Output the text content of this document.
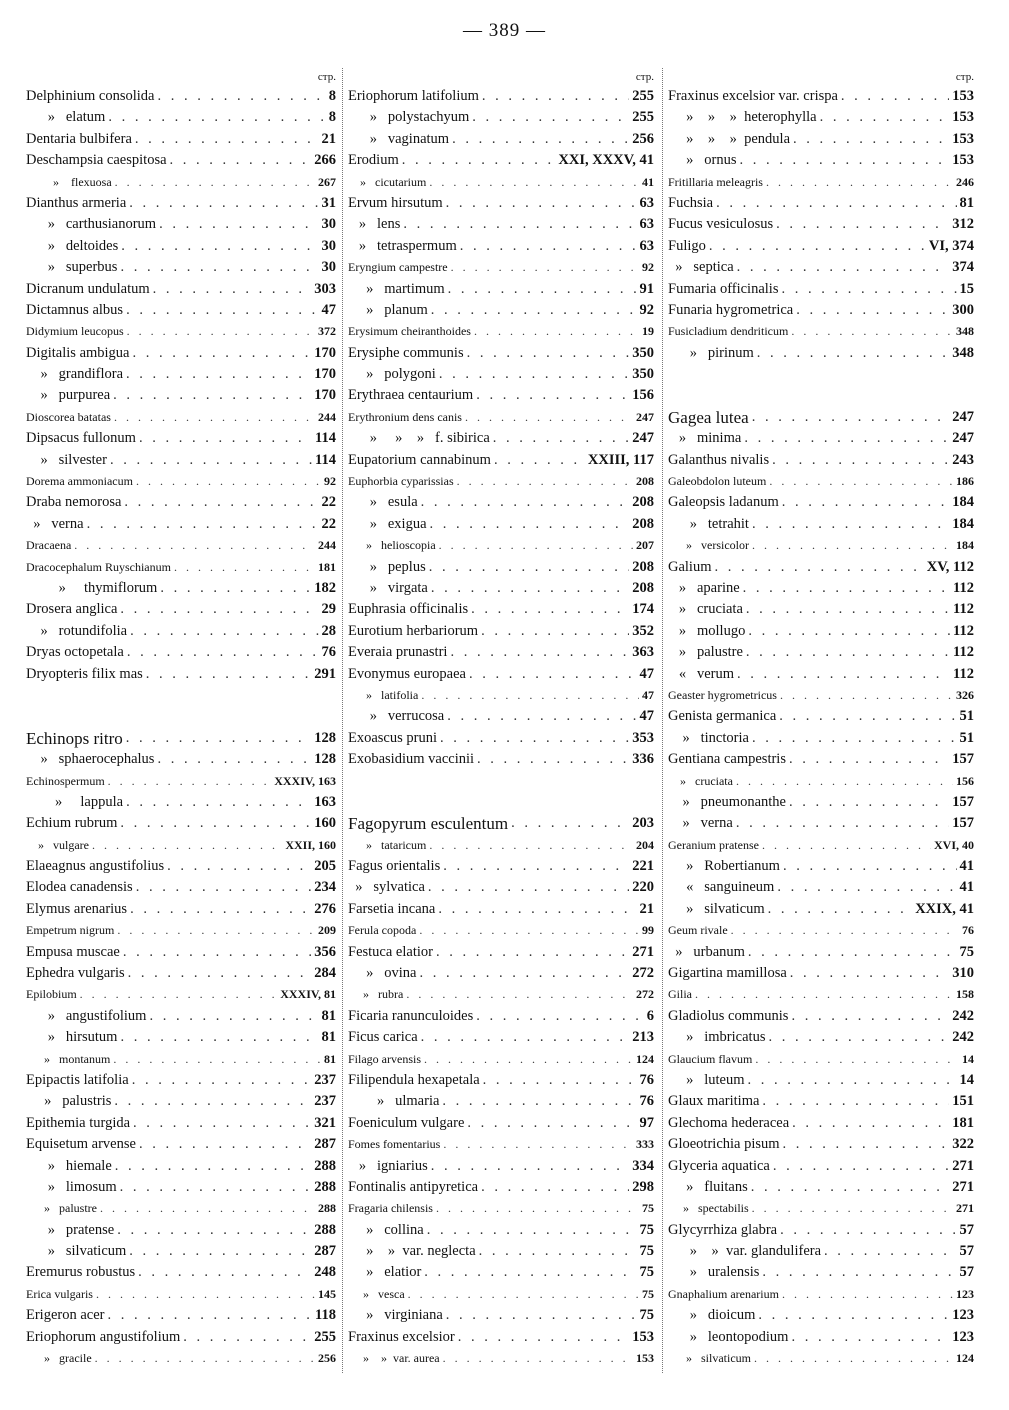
— 389 —
стр.
Delphinium consolida . . .	8
»   elatum . . .	8
Dentaria bulbifera . . .	21
Deschampsia caespitosa . . .	266
»    flexuosa . . .	267
Dianthus armeria . . .	31
»   carthusianorum . . .	30
»   deltoides . . .	30
»   superbus . . .	30
Dicranum undulatum . . .	303
Dictamnus albus . . .	47
Didymium leucopus . . .	372
Digitalis ambigua . . .	170
»   grandiflora . . .	170
»   purpurea . . .	170
Dioscorea batatas . . .	244
Dipsacus fullonum . . .	114
»   silvester . . .	114
Dorema ammoniacum . . .	92
Draba nemorosa . . .	22
»   verna . . .	22
Dracaena . . .	244
Dracocephalum Ruyschianum . . .	181
»     thymiflorum . . .	182
Drosera anglica . . .	29
»   rotundifolia . . .	28
Dryas octopetala . . .	76
Dryopteris filix mas . . .	291
Echinops ritro . . .	128
»   sphaerocephalus . . .	128
Echinospermum . . .	XXXIV, 163
»     lappula . . .	163
Echium rubrum . . .	160
»   vulgare . . .	XXII, 160
Elaeagnus angustifolius . . .	205
Elodea canadensis . . .	234
Elymus arenarius . . .	276
Empetrum nigrum . . .	209
Empusa muscae . . .	356
Ephedra vulgaris . . .	284
Epilobium . . .	XXXIV, 81
»   angustifolium . . .	81
»   hirsutum . . .	81
»   montanum . . .	81
Epipactis latifolia . . .	237
»   palustris . . .	237
Epithemia turgida . . .	321
Equisetum arvense . . .	287
»   hiemale . . .	288
»   limosum . . .	288
»   palustre . . .	288
»   pratense . . .	288
»   silvaticum . . .	287
Eremurus robustus . . .	248
Erica vulgaris . . .	145
Erigeron acer . . .	118
Eriophorum angustifolium . . .	255
»   gracile . . .	256
стр.
Eriophorum latifolium . . .	255
»   polystachyum . . .	255
»   vaginatum . . .	256
Erodium . . .	XXI, XXXV, 41
»   cicutarium . . .	41
Ervum hirsutum . . .	63
»   lens . . .	63
»   tetraspermum . . .	63
Eryngium campestre . . .	92
»   martimum . . .	91
»   planum . . .	92
Erysimum cheiranthoides . . .	19
Erysiphe communis . . .	350
»   polygoni . . .	350
Erythraea centaurium . . .	156
Erythronium dens canis . . .	247
»     »    »   f. sibirica . . .	247
Eupatorium cannabinum . . .	XXIII, 117
Euphorbia cyparissias . . .	208
»   esula . . .	208
»   exigua . . .	208
»   helioscopia . . .	207
»   peplus . . .	208
»   virgata . . .	208
Euphrasia officinalis . . .	174
Eurotium herbariorum . . .	352
Everaia prunastri . . .	363
Evonymus europaea . . .	47
»   latifolia . . .	47
»   verrucosa . . .	47
Exoascus pruni . . .	353
Exobasidium vaccinii . . .	336
Fagopyrum esculentum . . .	203
»   tataricum . . .	204
Fagus orientalis . . .	221
»   sylvatica . . .	220
Farsetia incana . . .	21
Ferula copoda . . .	99
Festuca elatior . . .	271
»   ovina . . .	272
»   rubra . . .	272
Ficaria ranunculoides . . .	6
Ficus carica . . .	213
Filago arvensis . . .	124
Filipendula hexapetala . . .	76
»   ulmaria . . .	76
Foeniculum vulgare . . .	97
Fomes fomentarius . . .	333
»   igniarius . . .	334
Fontinalis antipyretica . . .	298
Fragaria chilensis . . .	75
»   collina . . .	75
»    »  var. neglecta . . .	75
»   elatior . . .	75
»   vesca . . .	75
»   virginiana . . .	75
Fraxinus excelsior . . .	153
»    »  var. aurea . . .	153
стр.
Fraxinus excelsior var. crispa . . .	153
»    »    »  heterophylla . . .	153
»    »    »  pendula . . .	153
»   ornus . . .	153
Fritillaria meleagris . . .	246
Fuchsia . . .	81
Fucus vesiculosus . . .	312
Fuligo . . .	VI, 374
»   septica . . .	374
Fumaria officinalis . . .	15
Funaria hygrometrica . . .	300
Fusicladium dendriticum . . .	348
»   pirinum . . .	348
Gagea lutea . . .	247
»   minima . . .	247
Galanthus nivalis . . .	243
Galeobdolon luteum . . .	186
Galeopsis ladanum . . .	184
»   tetrahit . . .	184
»   versicolor . . .	184
Galium . . .	XV, 112
»   aparine . . .	112
»   cruciata . . .	112
»   mollugo . . .	112
»   palustre . . .	112
«   verum . . .	112
Geaster hygrometricus . . .	326
Genista germanica . . .	51
»   tinctoria . . .	51
Gentiana campestris . . .	157
»   cruciata . . .	156
»   pneumonanthe . . .	157
»   verna . . .	157
Geranium pratense . . .	XVI, 40
»   Robertianum . . .	41
«   sanguineum . . .	41
»   silvaticum . . .	XXIX, 41
Geum rivale . . .	76
»   urbanum . . .	75
Gigartina mamillosa . . .	310
Gilia . . .	158
Gladiolus communis . . .	242
»   imbricatus . . .	242
Glaucium flavum . . .	14
»   luteum . . .	14
Glaux maritima . . .	151
Glechoma hederacea . . .	181
Gloeotrichia pisum . . .	322
Glyceria aquatica . . .	271
»   fluitans . . .	271
»   spectabilis . . .	271
Glycyrrhiza glabra . . .	57
»    »  var. glandulifera . . .	57
»   uralensis . . .	57
Gnaphalium arenarium . . .	123
»   dioicum . . .	123
»   leontopodium . . .	123
»   silvaticum . . .	124
